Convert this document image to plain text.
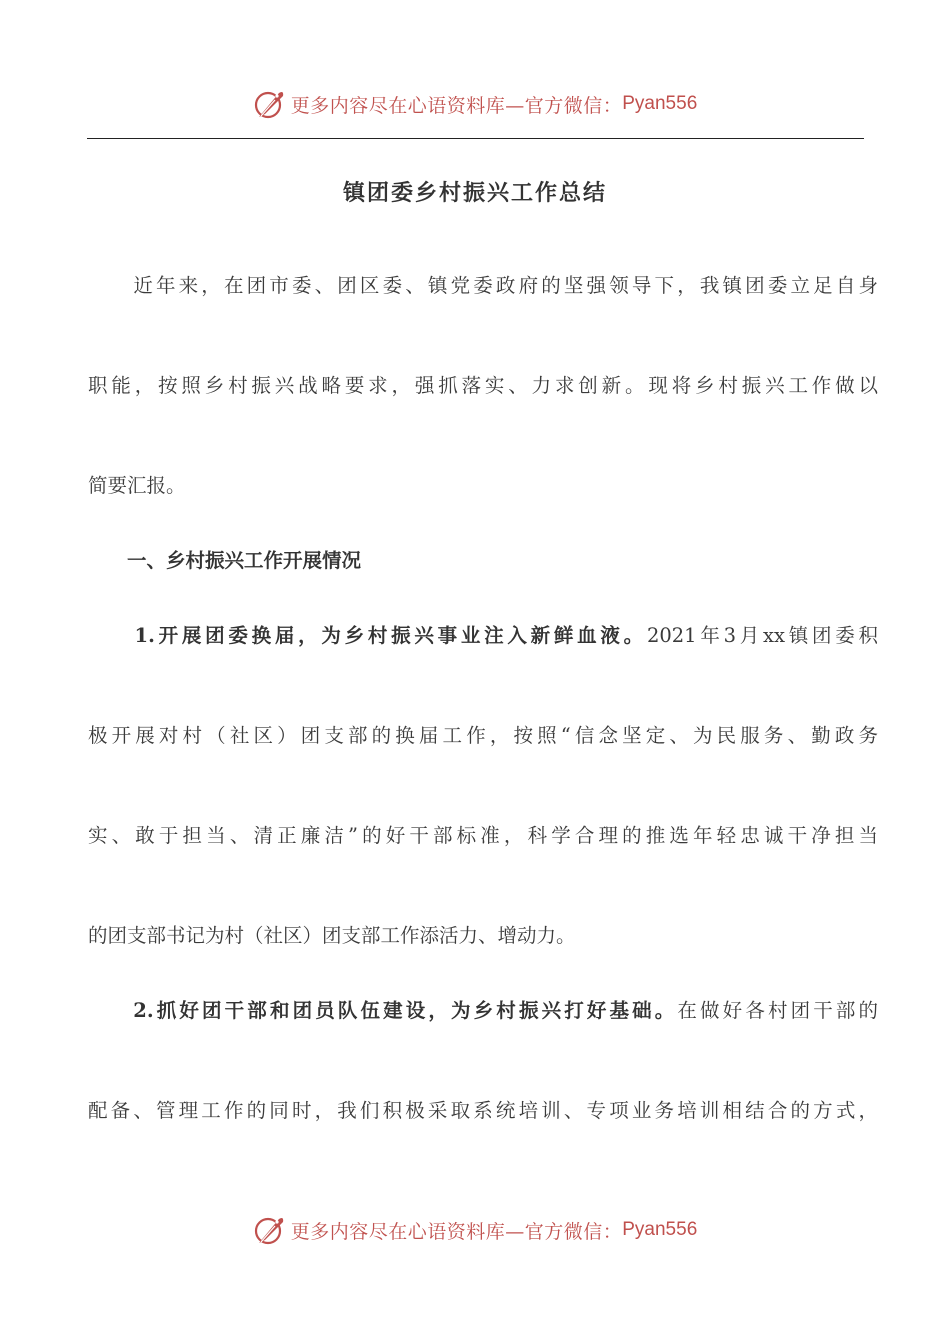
更多内容尽在心语资料库—官方微信： Pyan556
镇团委乡村振兴工作总结
　　近年来，在团市委、团区委、镇党委政府的坚强领导下，我镇团委立足自身
职能，按照乡村振兴战略要求，强抓落实、力求创新。现将乡村振兴工作做以
简要汇报。
　　一、乡村振兴工作开展情况
　　1.开展团委换届，为乡村振兴事业注入新鲜血液。2021年3月xx镇团委积
极开展对村（社区）团支部的换届工作，按照“信念坚定、为民服务、勤政务
实、敢于担当、清正廉洁”的好干部标准，科学合理的推选年轻忠诚干净担当
的团支部书记为村（社区）团支部工作添活力、增动力。
　　2.抓好团干部和团员队伍建设，为乡村振兴打好基础。在做好各村团干部的
配备、管理工作的同时，我们积极采取系统培训、专项业务培训相结合的方式，
更多内容尽在心语资料库—官方微信： Pyan556
